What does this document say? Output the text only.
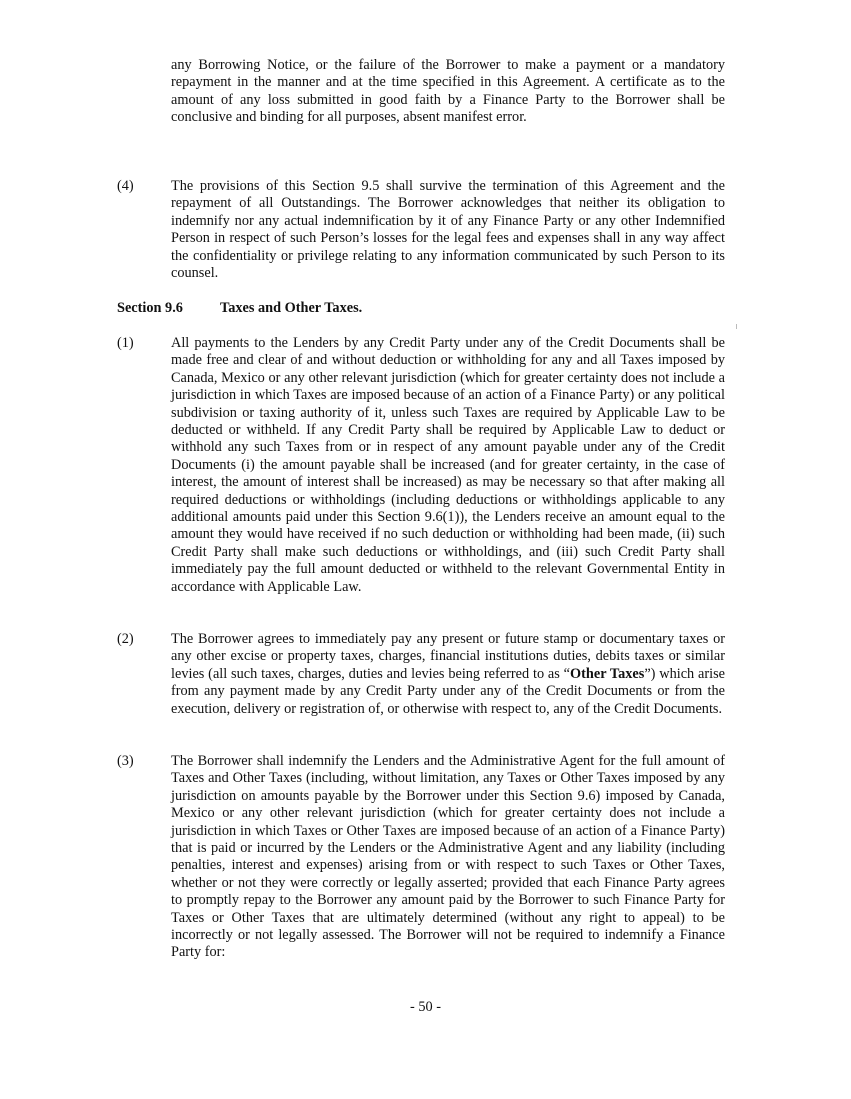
any Borrowing Notice, or the failure of the Borrower to make a payment or a mandatory repayment in the manner and at the time specified in this Agreement. A certificate as to the amount of any loss submitted in good faith by a Finance Party to the Borrower shall be conclusive and binding for all purposes, absent manifest error.

(4)	The provisions of this Section 9.5 shall survive the termination of this Agreement and the repayment of all Outstandings. The Borrower acknowledges that neither its obligation to indemnify nor any actual indemnification by it of any Finance Party or any other Indemnified Person in respect of such Person’s losses for the legal fees and expenses shall in any way affect the confidentiality or privilege relating to any information communicated by such Person to its counsel.

Section 9.6	Taxes and Other Taxes.

(1)	All payments to the Lenders by any Credit Party under any of the Credit Documents shall be made free and clear of and without deduction or withholding for any and all Taxes imposed by Canada, Mexico or any other relevant jurisdiction (which for greater certainty does not include a jurisdiction in which Taxes are imposed because of an action of a Finance Party) or any political subdivision or taxing authority of it, unless such Taxes are required by Applicable Law to be deducted or withheld. If any Credit Party shall be required by Applicable Law to deduct or withhold any such Taxes from or in respect of any amount payable under any of the Credit Documents (i) the amount payable shall be increased (and for greater certainty, in the case of interest, the amount of interest shall be increased) as may be necessary so that after making all required deductions or withholdings (including deductions or withholdings applicable to any additional amounts paid under this Section 9.6(1)), the Lenders receive an amount equal to the amount they would have received if no such deduction or withholding had been made, (ii) such Credit Party shall make such deductions or withholdings, and (iii) such Credit Party shall immediately pay the full amount deducted or withheld to the relevant Governmental Entity in accordance with Applicable Law.

(2)	The Borrower agrees to immediately pay any present or future stamp or documentary taxes or any other excise or property taxes, charges, financial institutions duties, debits taxes or similar levies (all such taxes, charges, duties and levies being referred to as “Other Taxes”) which arise from any payment made by any Credit Party under any of the Credit Documents or from the execution, delivery or registration of, or otherwise with respect to, any of the Credit Documents.

(3)	The Borrower shall indemnify the Lenders and the Administrative Agent for the full amount of Taxes and Other Taxes (including, without limitation, any Taxes or Other Taxes imposed by any jurisdiction on amounts payable by the Borrower under this Section 9.6) imposed by Canada, Mexico or any other relevant jurisdiction (which for greater certainty does not include a jurisdiction in which Taxes or Other Taxes are imposed because of an action of a Finance Party) that is paid or incurred by the Lenders or the Administrative Agent and any liability (including penalties, interest and expenses) arising from or with respect to such Taxes or Other Taxes, whether or not they were correctly or legally asserted; provided that each Finance Party agrees to promptly repay to the Borrower any amount paid by the Borrower to such Finance Party for Taxes or Other Taxes that are ultimately determined (without any right to appeal) to be incorrectly or not legally assessed. The Borrower will not be required to indemnify a Finance Party for:

- 50 -
